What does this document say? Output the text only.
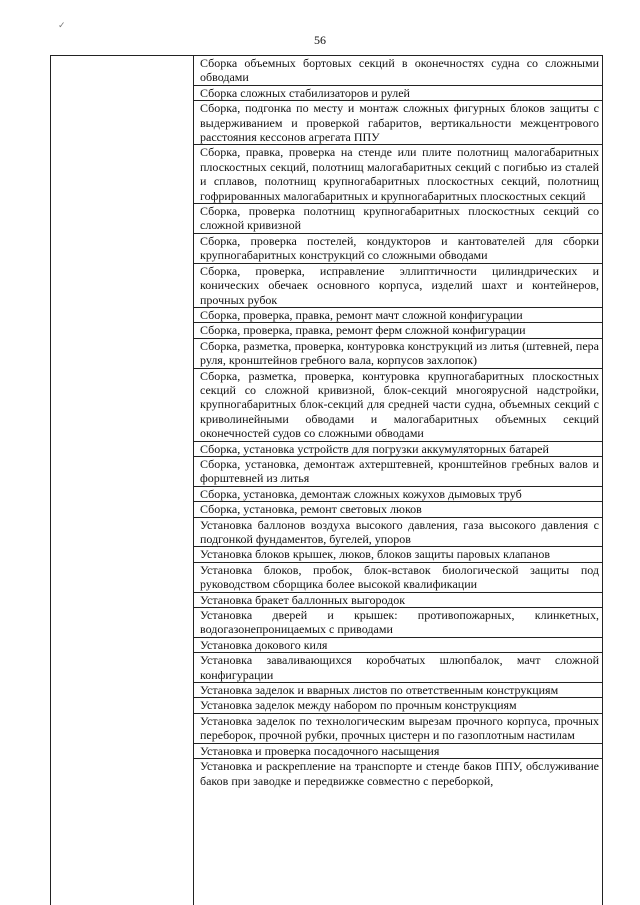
✓
56
Сборка объемных бортовых секций в оконечностях судна со сложными обводами
Сборка сложных стабилизаторов и рулей
Сборка, подгонка по месту и монтаж сложных фигурных блоков защиты с выдерживанием и проверкой габаритов, вертикальности межцентрового расстояния кессонов агрегата ППУ
Сборка, правка, проверка на стенде или плите полотнищ малогабаритных плоскостных секций, полотнищ малогабаритных секций с погибью из сталей и сплавов, полотнищ крупногабаритных плоскостных секций, полотнищ гофрированных малогабаритных и крупногабаритных плоскостных секций
Сборка, проверка полотнищ крупногабаритных плоскостных секций со сложной кривизной
Сборка, проверка постелей, кондукторов и кантователей для сборки крупногабаритных конструкций со сложными обводами
Сборка, проверка, исправление эллиптичности цилиндрических и конических обечаек основного корпуса, изделий шахт и контейнеров, прочных рубок
Сборка, проверка, правка, ремонт мачт сложной конфигурации
Сборка, проверка, правка, ремонт ферм сложной конфигурации
Сборка, разметка, проверка, контуровка конструкций из литья (штевней, пера руля, кронштейнов гребного вала, корпусов захлопок)
Сборка, разметка, проверка, контуровка крупногабаритных плоскостных секций со сложной кривизной, блок-секций многоярусной надстройки, крупногабаритных блок-секций для средней части судна, объемных секций с криволинейными обводами и малогабаритных объемных секций оконечностей судов со сложными обводами
Сборка, установка устройств для погрузки аккумуляторных батарей
Сборка, установка, демонтаж ахтерштевней, кронштейнов гребных валов и форштевней из литья
Сборка, установка, демонтаж сложных кожухов дымовых труб
Сборка, установка, ремонт световых люков
Установка баллонов воздуха высокого давления, газа высокого давления с подгонкой фундаментов, бугелей, упоров
Установка блоков крышек, люков, блоков защиты паровых клапанов
Установка блоков, пробок, блок-вставок биологической защиты под руководством сборщика более высокой квалификации
Установка бракет баллонных выгородок
Установка дверей и крышек: противопожарных, клинкетных, водогазонепроницаемых с приводами
Установка докового киля
Установка заваливающихся коробчатых шлюпбалок, мачт сложной конфигурации
Установка заделок и вварных листов по ответственным конструкциям
Установка заделок между набором по прочным конструкциям
Установка заделок по технологическим вырезам прочного корпуса, прочных переборок, прочной рубки, прочных цистерн и по газоплотным настилам
Установка и проверка посадочного насыщения
Установка и раскрепление на транспорте и стенде баков ППУ, обслуживание баков при заводке и передвижке совместно с переборкой,
